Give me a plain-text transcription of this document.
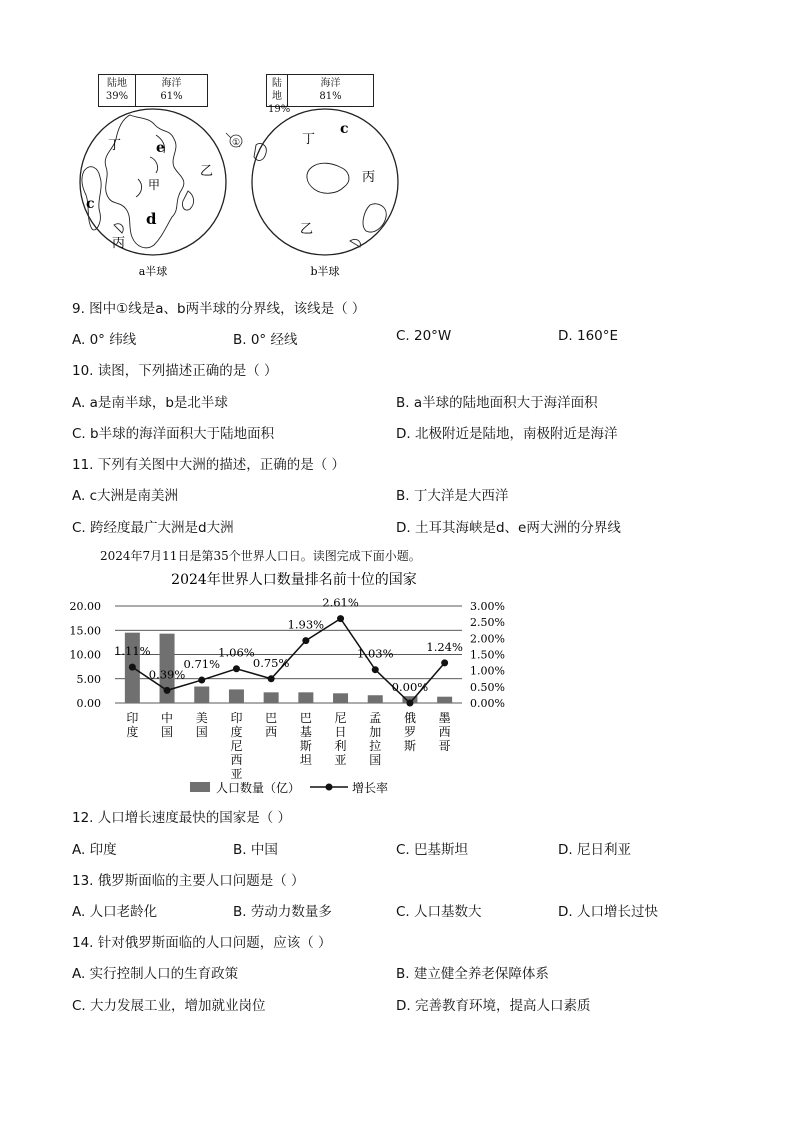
陆地
39%
海洋
61%
陆地
19%
海洋
81%
①
丁 e
甲
乙
c
d
丙
丁
c
丙
乙
a半球	b半球
9. 图中①线是a、b两半球的分界线，该线是（ ）
A. 0° 纬线	B. 0° 经线	C. 20°W	D. 160°E
10. 读图，下列描述正确的是（ ）
A. a是南半球，b是北半球	B. a半球的陆地面积大于海洋面积
C. b半球的海洋面积大于陆地面积	D. 北极附近是陆地，南极附近是海洋
11. 下列有关图中大洲的描述，正确的是（ ）
A. c大洲是南美洲	B. 丁大洋是大西洋
C. 跨经度最广大洲是d大洲	D. 土耳其海峡是d、e两大洲的分界线
2024年7月11日是第35个世界人口日。读图完成下面小题。
2024年世界人口数量排名前十位的国家
0.00
5.00
10.00
15.00
20.00
0.00%
0.50%
1.00%
1.50%
2.00%
2.50%
3.00%
1.11%
0.39%
0.71%
1.06%
0.75%
1.93%
2.61%
1.03%
0.00%
1.24%
印度
中国
美国
印度尼西亚
巴西
巴基斯坦
尼日利亚
孟加拉国
俄罗斯
墨西哥
人口数量（亿）	增长率
12. 人口增长速度最快的国家是（ ）
A. 印度	B. 中国	C. 巴基斯坦	D. 尼日利亚
13. 俄罗斯面临的主要人口问题是（ ）
A. 人口老龄化	B. 劳动力数量多	C. 人口基数大	D. 人口增长过快
14. 针对俄罗斯面临的人口问题，应该（ ）
A. 实行控制人口的生育政策	B. 建立健全养老保障体系
C. 大力发展工业，增加就业岗位	D. 完善教育环境，提高人口素质
